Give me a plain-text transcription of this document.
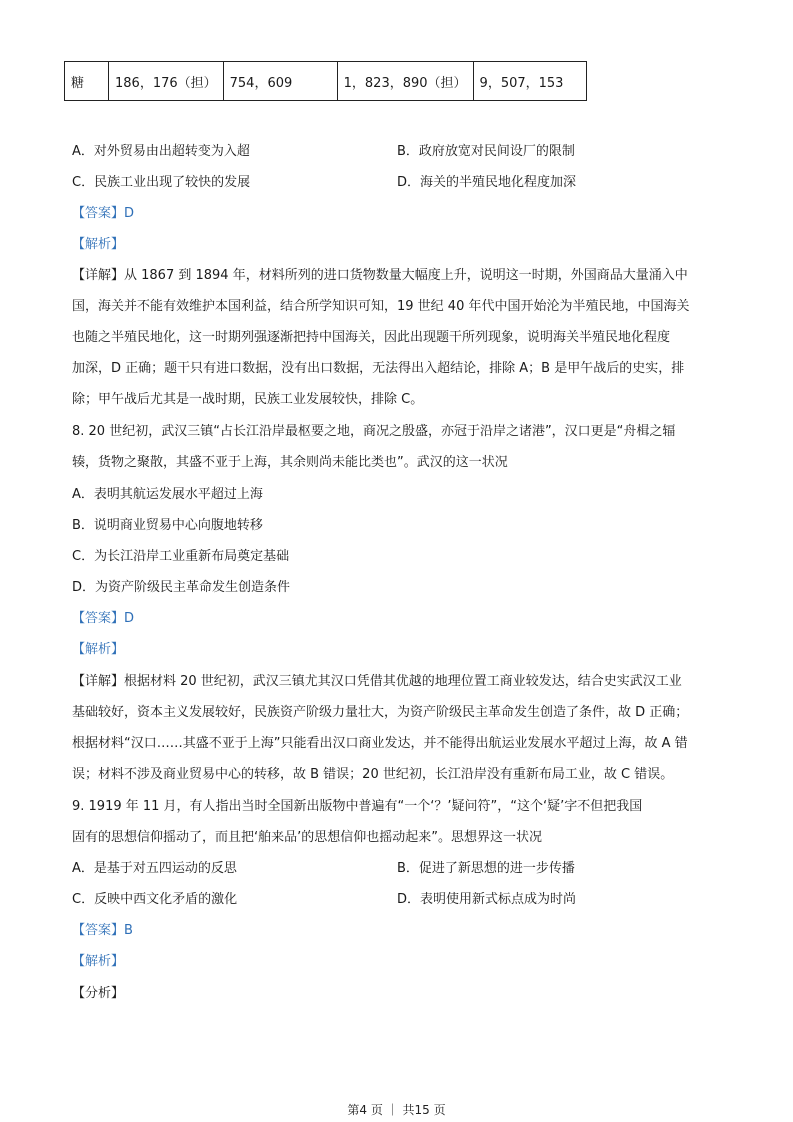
糖	186，176（担）	754，609	1，823，890（担）	9，507，153
A．对外贸易由出超转变为入超	B．政府放宽对民间设厂的限制
C．民族工业出现了较快的发展	D．海关的半殖民地化程度加深
【答案】D
【解析】
【详解】从 1867 到 1894 年，材料所列的进口货物数量大幅度上升，说明这一时期，外国商品大量涌入中
国，海关并不能有效维护本国利益，结合所学知识可知，19 世纪 40 年代中国开始沦为半殖民地，中国海关
也随之半殖民地化，这一时期列强逐渐把持中国海关，因此出现题干所列现象，说明海关半殖民地化程度
加深，D 正确；题干只有进口数据，没有出口数据，无法得出入超结论，排除 A；B 是甲午战后的史实，排
除；甲午战后尤其是一战时期，民族工业发展较快，排除 C。
8. 20 世纪初，武汉三镇“占长江沿岸最枢要之地，商况之殷盛，亦冠于沿岸之诸港”，汉口更是“舟楫之辐
辏，货物之聚散，其盛不亚于上海，其余则尚未能比类也”。武汉的这一状况
A．表明其航运发展水平超过上海
B．说明商业贸易中心向腹地转移
C．为长江沿岸工业重新布局奠定基础
D．为资产阶级民主革命发生创造条件
【答案】D
【解析】
【详解】根据材料 20 世纪初，武汉三镇尤其汉口凭借其优越的地理位置工商业较发达，结合史实武汉工业
基础较好，资本主义发展较好，民族资产阶级力量壮大，为资产阶级民主革命发生创造了条件，故 D 正确；
根据材料“汉口……其盛不亚于上海”只能看出汉口商业发达，并不能得出航运业发展水平超过上海，故 A 错
误；材料不涉及商业贸易中心的转移，故 B 错误；20 世纪初，长江沿岸没有重新布局工业，故 C 错误。
9. 1919 年 11 月，有人指出当时全国新出版物中普遍有“一个‘？’疑问符”，“这个‘疑’字不但把我国
固有的思想信仰摇动了，而且把‘舶来品’的思想信仰也摇动起来”。思想界这一状况
A．是基于对五四运动的反思	B．促进了新思想的进一步传播
C．反映中西文化矛盾的激化	D．表明使用新式标点成为时尚
【答案】B
【解析】
【分析】
第4 页 ｜ 共15 页
